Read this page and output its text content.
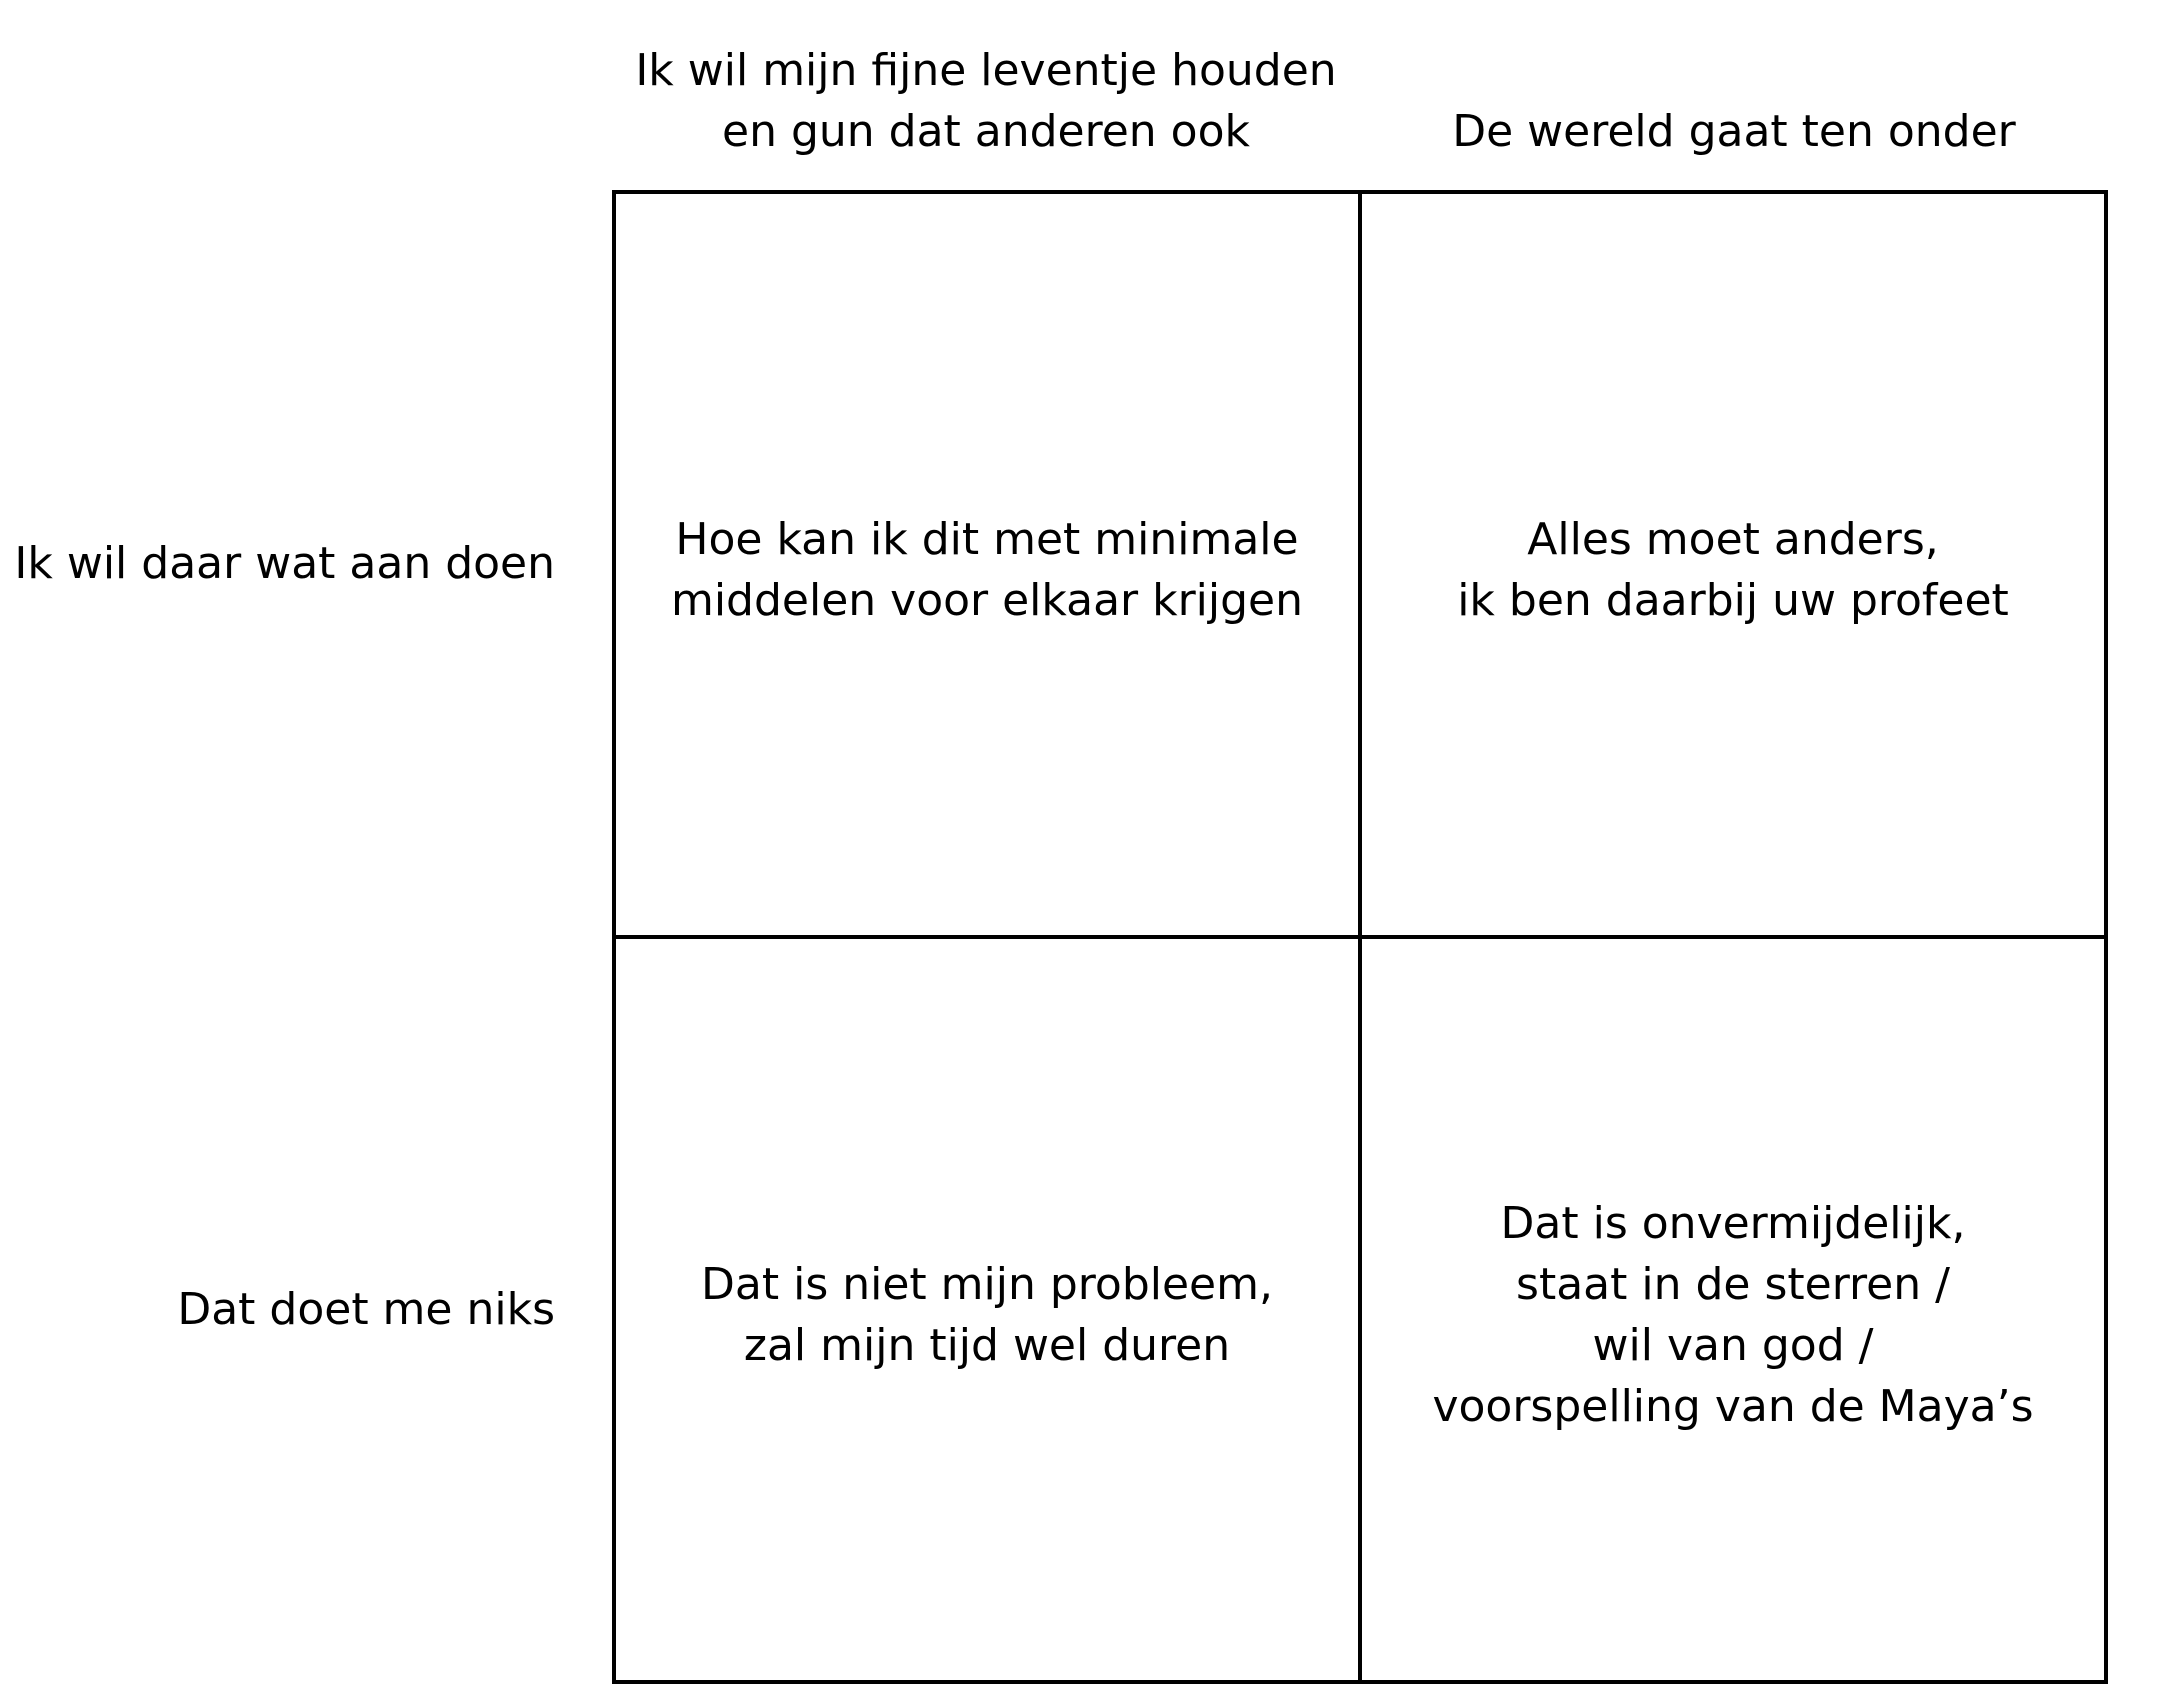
Ik wil mijn fijne leventje houden
en gun dat anderen ook	De wereld gaat ten onder
Ik wil daar wat aan doen
Dat doet me niks
Hoe kan ik dit met minimale
middelen voor elkaar krijgen
Alles moet anders,
ik ben daarbij uw profeet
Dat is niet mijn probleem,
zal mijn tijd wel duren
Dat is onvermijdelijk,
staat in de sterren /
wil van god /
voorspelling van de Maya’s
